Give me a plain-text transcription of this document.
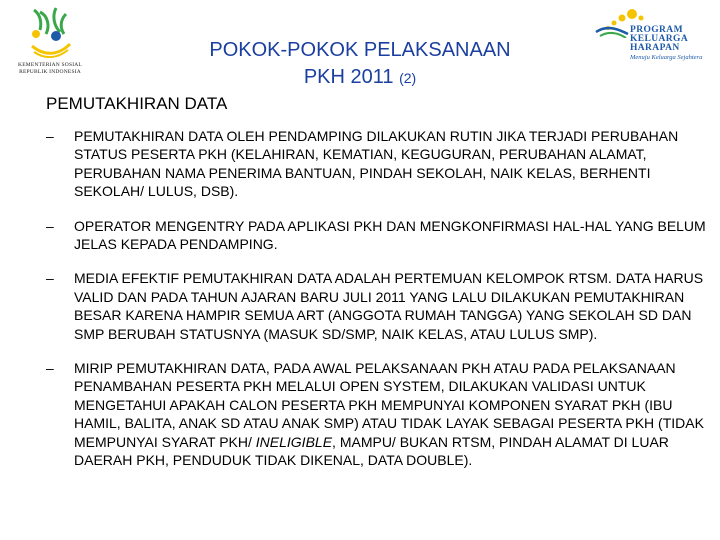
KEMENTERIAN SOSIAL REPUBLIK INDONESIA
PROGRAM
KELUARGA
HARAPAN
Menuju Keluarga Sejahtera
POKOK-POKOK PELAKSANAAN
PKH 2011 (2)
PEMUTAKHIRAN DATA
– PEMUTAKHIRAN DATA OLEH PENDAMPING DILAKUKAN RUTIN JIKA TERJADI PERUBAHAN STATUS PESERTA PKH (KELAHIRAN, KEMATIAN, KEGUGURAN, PERUBAHAN ALAMAT, PERUBAHAN NAMA PENERIMA BANTUAN, PINDAH SEKOLAH, NAIK KELAS, BERHENTI SEKOLAH/ LULUS, DSB).
– OPERATOR MENGENTRY PADA APLIKASI PKH DAN MENGKONFIRMASI HAL-HAL YANG BELUM JELAS KEPADA PENDAMPING.
– MEDIA EFEKTIF PEMUTAKHIRAN DATA ADALAH PERTEMUAN KELOMPOK RTSM. DATA HARUS VALID DAN PADA TAHUN AJARAN BARU JULI 2011 YANG LALU DILAKUKAN PEMUTAKHIRAN BESAR KARENA HAMPIR SEMUA ART (ANGGOTA RUMAH TANGGA) YANG SEKOLAH SD DAN SMP BERUBAH STATUSNYA (MASUK SD/SMP, NAIK KELAS, ATAU LULUS SMP).
– MIRIP PEMUTAKHIRAN DATA, PADA AWAL PELAKSANAAN PKH ATAU PADA PELAKSANAAN PENAMBAHAN PESERTA PKH MELALUI OPEN SYSTEM, DILAKUKAN VALIDASI UNTUK MENGETAHUI APAKAH CALON PESERTA PKH MEMPUNYAI KOMPONEN SYARAT PKH (IBU HAMIL, BALITA, ANAK SD ATAU ANAK SMP) ATAU TIDAK LAYAK SEBAGAI PESERTA PKH (TIDAK MEMPUNYAI SYARAT PKH/ INELIGIBLE, MAMPU/ BUKAN RTSM, PINDAH ALAMAT DI LUAR DAERAH PKH, PENDUDUK TIDAK DIKENAL, DATA DOUBLE).
